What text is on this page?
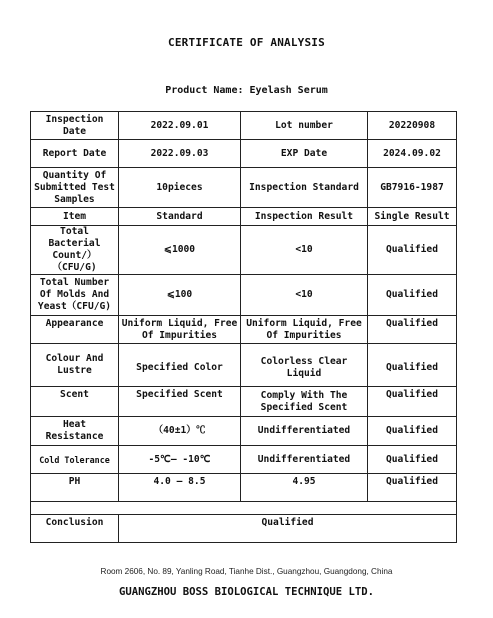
CERTIFICATE OF ANALYSIS
Product Name: Eyelash Serum
Inspection Date	2022.09.01	Lot number	20220908
Report Date	2022.09.03	EXP Date	2024.09.02
Quantity Of Submitted Test Samples	10pieces	Inspection Standard	GB7916-1987
Item	Standard	Inspection Result	Single Result
Total Bacterial Count/）（CFU/G)	⩽1000	<10	Qualified
Total Number Of Molds And Yeast（CFU/G)	⩽100	<10	Qualified
Appearance	Uniform Liquid, Free Of Impurities	Uniform Liquid, Free Of Impurities	Qualified
Colour And Lustre	Specified Color	Colorless Clear Liquid	Qualified
Scent	Specified Scent	Comply With The Specified Scent	Qualified
Heat Resistance	（40±1）℃	Undifferentiated	Qualified
Cold Tolerance	-5℃— -10℃	Undifferentiated	Qualified
PH	4.0 — 8.5	4.95	Qualified

Conclusion	Qualified		
Room 2606, No. 89, Yanling Road, Tianhe Dist., Guangzhou, Guangdong, China
GUANGZHOU BOSS BIOLOGICAL TECHNIQUE LTD.
